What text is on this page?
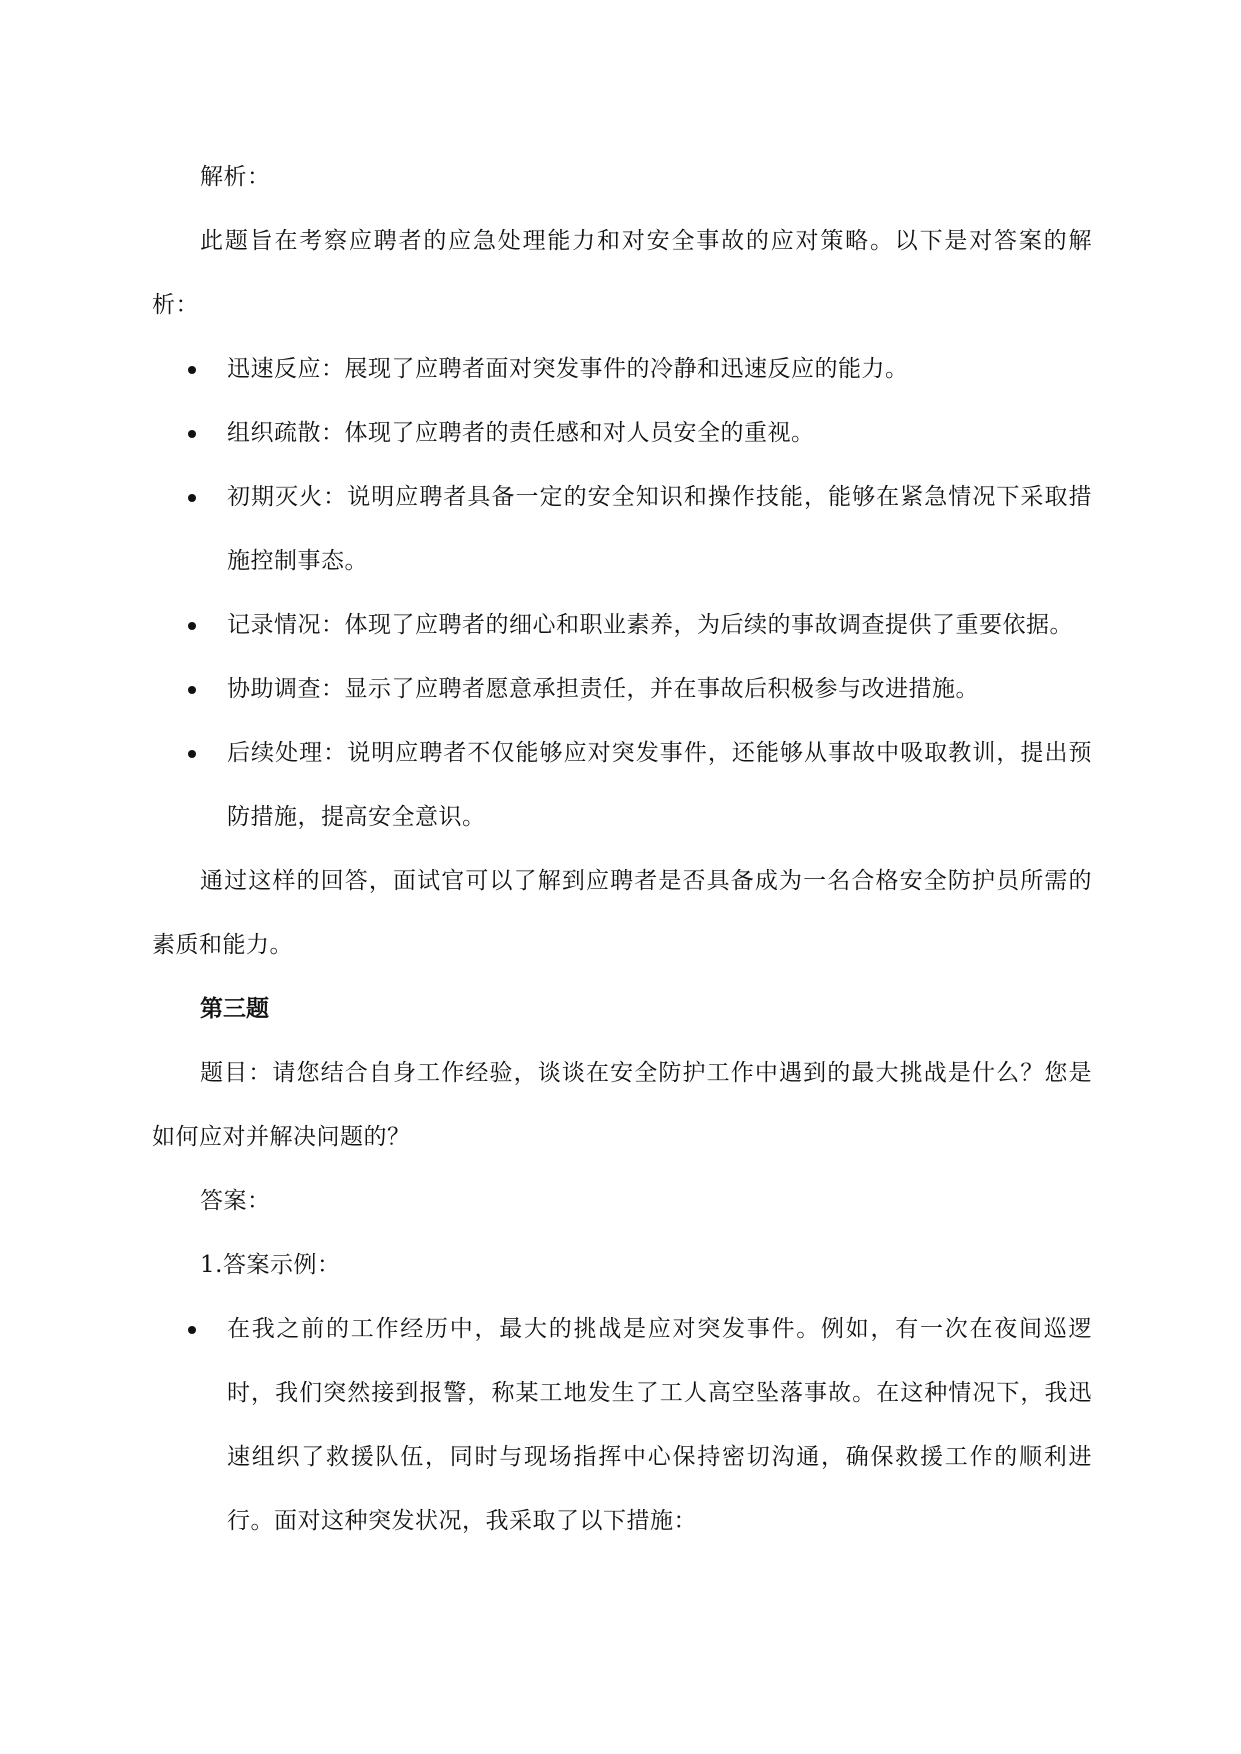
解析：

此题旨在考察应聘者的应急处理能力和对安全事故的应对策略。以下是对答案的解析：

迅速反应：展现了应聘者面对突发事件的冷静和迅速反应的能力。
组织疏散：体现了应聘者的责任感和对人员安全的重视。
初期灭火：说明应聘者具备一定的安全知识和操作技能，能够在紧急情况下采取措施控制事态。
记录情况：体现了应聘者的细心和职业素养，为后续的事故调查提供了重要依据。
协助调查：显示了应聘者愿意承担责任，并在事故后积极参与改进措施。
后续处理：说明应聘者不仅能够应对突发事件，还能够从事故中吸取教训，提出预防措施，提高安全意识。

通过这样的回答，面试官可以了解到应聘者是否具备成为一名合格安全防护员所需的素质和能力。

第三题

题目：请您结合自身工作经验，谈谈在安全防护工作中遇到的最大挑战是什么？您是如何应对并解决问题的？

答案：

1.答案示例：

在我之前的工作经历中，最大的挑战是应对突发事件。例如，有一次在夜间巡逻时，我们突然接到报警，称某工地发生了工人高空坠落事故。在这种情况下，我迅速组织了救援队伍，同时与现场指挥中心保持密切沟通，确保救援工作的顺利进行。面对这种突发状况，我采取了以下措施：
